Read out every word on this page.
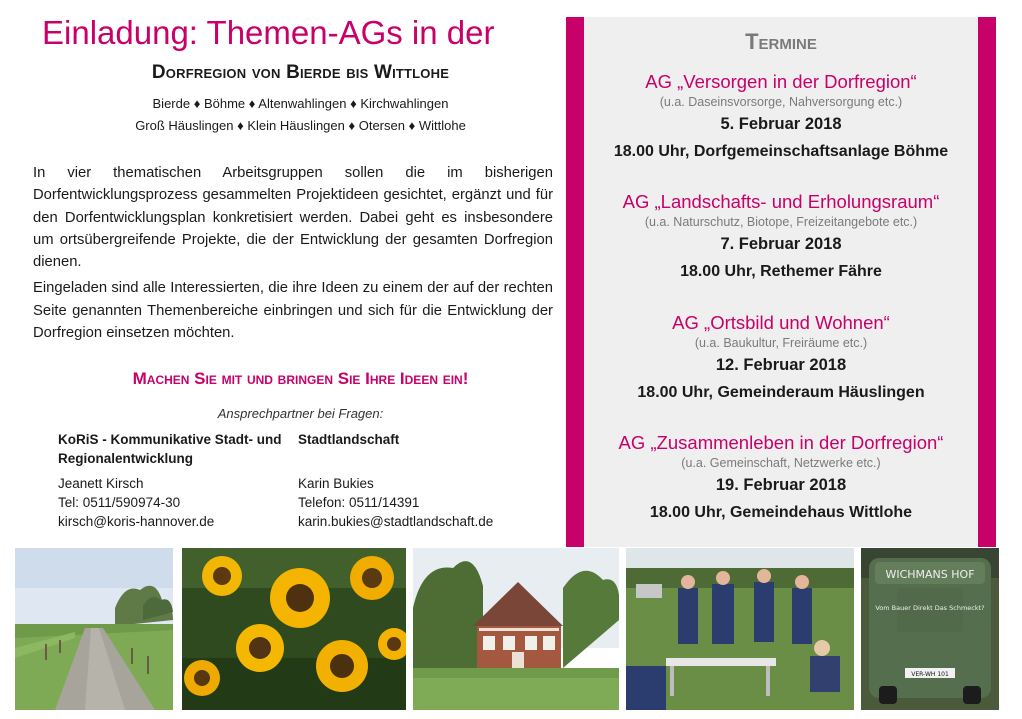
Einladung: Themen-AGs in der
Dorfregion von Bierde bis Wittlohe
Bierde ♦ Böhme ♦ Altenwahlingen ♦ Kirchwahlingen
Groß Häuslingen ♦ Klein Häuslingen ♦ Otersen ♦ Wittlohe

In vier thematischen Arbeitsgruppen sollen die im bisherigen Dorfentwicklungsprozess gesammelten Projektideen gesichtet, ergänzt und für den Dorfentwicklungsplan konkretisiert werden. Dabei geht es insbesondere um ortsübergreifende Projekte, die der Entwicklung der gesamten Dorfregion dienen.

Eingeladen sind alle Interessierten, die ihre Ideen zu einem der auf der rechten Seite genannten Themenbereiche einbringen und sich für die Entwicklung der Dorfregion einsetzen möchten.

Machen Sie mit und bringen Sie Ihre Ideen ein!
Ansprechpartner bei Fragen:
KoRiS - Kommunikative Stadt- und Regionalentwicklung
Jeanett Kirsch
Tel: 0511/590974-30
kirsch@koris-hannover.de
Stadtlandschaft
Karin Bukies
Telefon: 0511/14391
karin.bukies@stadtlandschaft.de
Termine
AG „Versorgen in der Dorfregion“
(u.a. Daseinsvorsorge, Nahversorgung etc.)
5. Februar 2018
18.00 Uhr, Dorfgemeinschaftsanlage Böhme
AG „Landschafts- und Erholungsraum“
(u.a. Naturschutz, Biotope, Freizeitangebote etc.)
7. Februar 2018
18.00 Uhr, Rethemer Fähre
AG „Ortsbild und Wohnen“
(u.a. Baukultur, Freiräume etc.)
12. Februar 2018
18.00 Uhr, Gemeinderaum Häuslingen
AG „Zusammenleben in der Dorfregion“
(u.a. Gemeinschaft, Netzwerke etc.)
19. Februar 2018
18.00 Uhr, Gemeindehaus Wittlohe
WICHMANS HOF
Vom Bauer Direkt Das Schmeckt?
VER-WH 101
